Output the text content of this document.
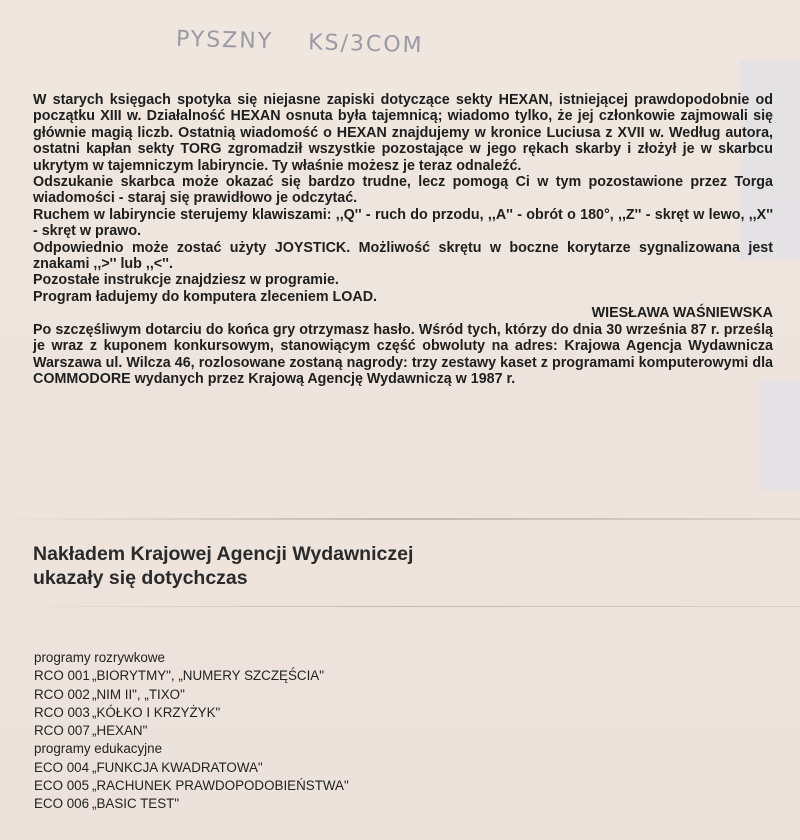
PYSZNY KS/3COM

W starych księgach spotyka się niejasne zapiski dotyczące sekty HEXAN, istniejącej prawdopodobnie od początku XIII w. Działalność HEXAN osnuta była tajemnicą; wiadomo tylko, że jej członkowie zajmowali się głównie magią liczb. Ostatnią wiadomość o HEXAN znajdujemy w kronice Luciusa z XVII w. Według autora, ostatni kapłan sekty TORG zgromadził wszystkie pozostające w jego rękach skarby i złożył je w skarbcu ukrytym w tajemniczym labiryncie. Ty właśnie możesz je teraz odnaleźć.

Odszukanie skarbca może okazać się bardzo trudne, lecz pomogą Ci w tym pozostawione przez Torga wiadomości - staraj się prawidłowo je odczytać.

Ruchem w labiryncie sterujemy klawiszami: ,,Q'' - ruch do przodu, ,,A'' - obrót o 180°, ,,Z'' - skręt w lewo, ,,X'' - skręt w prawo.

Odpowiednio może zostać użyty JOYSTICK. Możliwość skrętu w boczne korytarze sygnalizowana jest znakami ,,>'' lub ,,<''.

Pozostałe instrukcje znajdziesz w programie.

Program ładujemy do komputera zleceniem LOAD.

WIESŁAWA WAŚNIEWSKA

Po szczęśliwym dotarciu do końca gry otrzymasz hasło. Wśród tych, którzy do dnia 30 września 87 r. prześlą je wraz z kuponem konkursowym, stanowiącym część obwoluty na adres: Krajowa Agencja Wydawnicza Warszawa ul. Wilcza 46, rozlosowane zostaną nagrody: trzy zestawy kaset z programami komputerowymi dla COMMODORE wydanych przez Krajową Agencję Wydawniczą w 1987 r.

Nakładem Krajowej Agencji Wydawniczej
ukazały się dotychczas
programy rozrywkowe
RCO 001 „BIORYTMY", „NUMERY SZCZĘŚCIA"
RCO 002 „NIM II", „TIXO"
RCO 003 „KÓŁKO I KRZYŻYK"
RCO 007 „HEXAN"
programy edukacyjne
ECO 004 „FUNKCJA KWADRATOWA"
ECO 005 „RACHUNEK PRAWDOPODOBIEŃSTWA"
ECO 006 „BASIC TEST"
